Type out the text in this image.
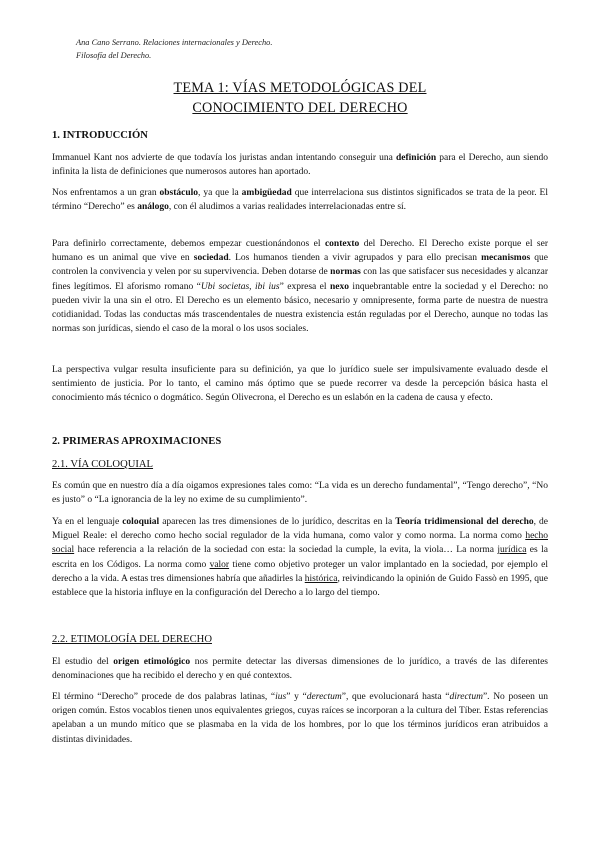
Ana Cano Serrano. Relaciones internacionales y Derecho.
Filosofía del Derecho.
TEMA 1: VÍAS METODOLÓGICAS DEL
CONOCIMIENTO DEL DERECHO
1. INTRODUCCIÓN
Immanuel Kant nos advierte de que todavía los juristas andan intentando conseguir una definición para el Derecho, aun siendo infinita la lista de definiciones que numerosos autores han aportado.
Nos enfrentamos a un gran obstáculo, ya que la ambigüedad que interrelaciona sus distintos significados se trata de la peor. El término “Derecho” es análogo, con él aludimos a varias realidades interrelacionadas entre sí.
Para definirlo correctamente, debemos empezar cuestionándonos el contexto del Derecho. El Derecho existe porque el ser humano es un animal que vive en sociedad. Los humanos tienden a vivir agrupados y para ello precisan mecanismos que controlen la convivencia y velen por su supervivencia. Deben dotarse de normas con las que satisfacer sus necesidades y alcanzar fines legítimos. El aforismo romano “Ubi societas, ibi ius” expresa el nexo inquebrantable entre la sociedad y el Derecho: no pueden vivir la una sin el otro. El Derecho es un elemento básico, necesario y omnipresente, forma parte de nuestra de nuestra cotidianidad. Todas las conductas más trascendentales de nuestra existencia están reguladas por el Derecho, aunque no todas las normas son jurídicas, siendo el caso de la moral o los usos sociales.
La perspectiva vulgar resulta insuficiente para su definición, ya que lo jurídico suele ser impulsivamente evaluado desde el sentimiento de justicia. Por lo tanto, el camino más óptimo que se puede recorrer va desde la percepción básica hasta el conocimiento más técnico o dogmático. Según Olivecrona, el Derecho es un eslabón en la cadena de causa y efecto.
2. PRIMERAS APROXIMACIONES
2.1. VÍA COLOQUIAL
Es común que en nuestro día a día oigamos expresiones tales como: “La vida es un derecho fundamental”, “Tengo derecho”, “No es justo” o “La ignorancia de la ley no exime de su cumplimiento”.
Ya en el lenguaje coloquial aparecen las tres dimensiones de lo jurídico, descritas en la Teoría tridimensional del derecho, de Miguel Reale: el derecho como hecho social regulador de la vida humana, como valor y como norma. La norma como hecho social hace referencia a la relación de la sociedad con esta: la sociedad la cumple, la evita, la viola… La norma jurídica es la escrita en los Códigos. La norma como valor tiene como objetivo proteger un valor implantado en la sociedad, por ejemplo el derecho a la vida. A estas tres dimensiones habría que añadirles la histórica, reivindicando la opinión de Guido Fassò en 1995, que establece que la historia influye en la configuración del Derecho a lo largo del tiempo.
2.2. ETIMOLOGÍA DEL DERECHO
El estudio del origen etimológico nos permite detectar las diversas dimensiones de lo jurídico, a través de las diferentes denominaciones que ha recibido el derecho y en qué contextos.
El término “Derecho” procede de dos palabras latinas, “ius” y “derectum”, que evolucionará hasta “directum”. No poseen un origen común. Estos vocablos tienen unos equivalentes griegos, cuyas raíces se incorporan a la cultura del Tíber. Estas referencias apelaban a un mundo mítico que se plasmaba en la vida de los hombres, por lo que los términos jurídicos eran atribuidos a distintas divinidades.
